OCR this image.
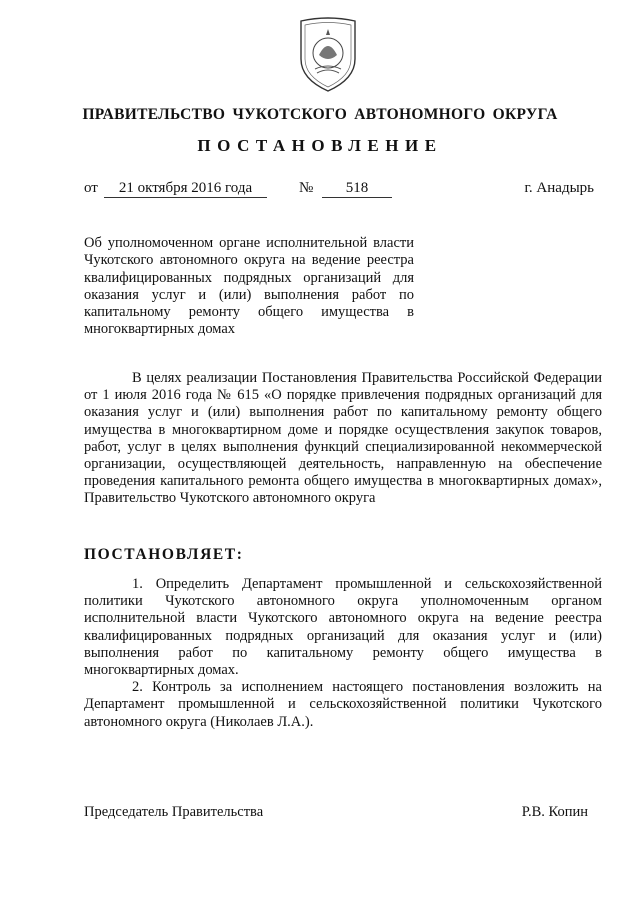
ПРАВИТЕЛЬСТВО ЧУКОТСКОГО АВТОНОМНОГО ОКРУГА
ПОСТАНОВЛЕНИЕ
от	21 октября 2016 года	№	518	г. Анадырь
Об уполномоченном органе исполнительной власти Чукотского автономного округа на ведение реестра квалифицированных подрядных организаций для оказания услуг и (или) выполнения работ по капитальному ремонту общего имущества в многоквартирных домах

В целях реализации Постановления Правительства Российской Федерации от 1 июля 2016 года № 615 «О порядке привлечения подрядных организаций для оказания услуг и (или) выполнения работ по капитальному ремонту общего имущества в многоквартирном доме и порядке осуществления закупок товаров, работ, услуг в целях выполнения функций специализированной некоммерческой организации, осуществляющей деятельность, направленную на обеспечение проведения капитального ремонта общего имущества в многоквартирных домах», Правительство Чукотского автономного округа

ПОСТАНОВЛЯЕТ:

1. Определить Департамент промышленной и сельскохозяйственной политики Чукотского автономного округа уполномоченным органом исполнительной власти Чукотского автономного округа на ведение реестра квалифицированных подрядных организаций для оказания услуг и (или) выполнения работ по капитальному ремонту общего имущества в многоквартирных домах.

2. Контроль за исполнением настоящего постановления возложить на Департамент промышленной и сельскохозяйственной политики Чукотского автономного округа (Николаев Л.А.).

Председатель Правительства	Р.В. Копин
